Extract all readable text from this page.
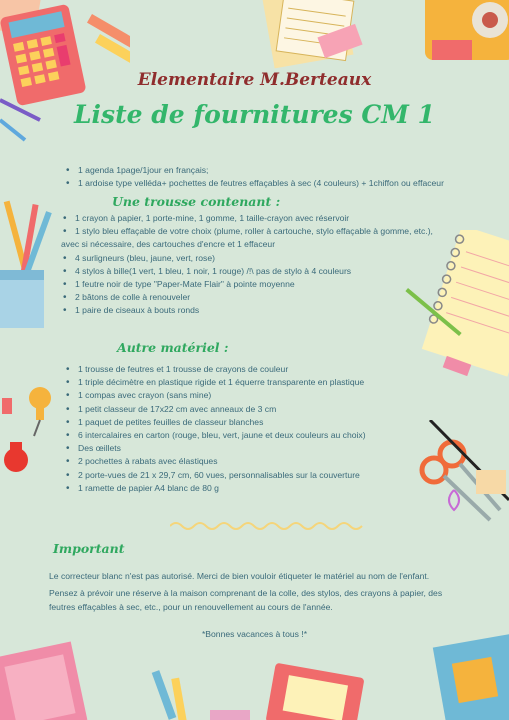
Elementaire M.Berteaux
Liste de fournitures CM 1
• 1 agenda 1page/1jour en français;
• 1 ardoise type velléda+ pochettes de feutres effaçables à sec (4 couleurs) + 1chiffon ou effaceur
Une trousse contenant :
• 1 crayon à papier, 1 porte-mine, 1 gomme, 1 taille-crayon avec réservoir
• 1 stylo bleu effaçable de votre choix (plume, roller à cartouche, stylo effaçable à gomme, etc.),
avec si nécessaire, des cartouches d'encre et 1 effaceur
• 4 surligneurs (bleu, jaune, vert, rose)
• 4 stylos à bille(1 vert, 1 bleu, 1 noir, 1 rouge) /!\ pas de stylo à 4 couleurs
• 1 feutre noir de type "Paper-Mate Flair" à pointe moyenne
• 2 bâtons de colle à renouveler
• 1 paire de ciseaux à bouts ronds
Autre matériel :
• 1 trousse de feutres et 1 trousse de crayons de couleur
• 1 triple décimètre en plastique rigide et 1 équerre transparente en plastique
• 1 compas avec crayon (sans mine)
• 1 petit classeur de 17x22 cm avec anneaux de 3 cm
• 1 paquet de petites feuilles de classeur blanches
• 6 intercalaires en carton (rouge, bleu, vert, jaune et deux couleurs au choix)
• Des œillets
• 2 pochettes à rabats avec élastiques
• 2 porte-vues de 21 x 29,7 cm, 60 vues, personnalisables sur la couverture
• 1 ramette de papier A4 blanc de 80 g
Important
Le correcteur blanc n'est pas autorisé. Merci de bien vouloir étiqueter le matériel au nom de l'enfant.
Pensez à prévoir une réserve à la maison comprenant de la colle, des stylos, des crayons à papier, des feutres effaçables à sec, etc., pour un renouvellement au cours de l'année.
*Bonnes vacances à tous !*
